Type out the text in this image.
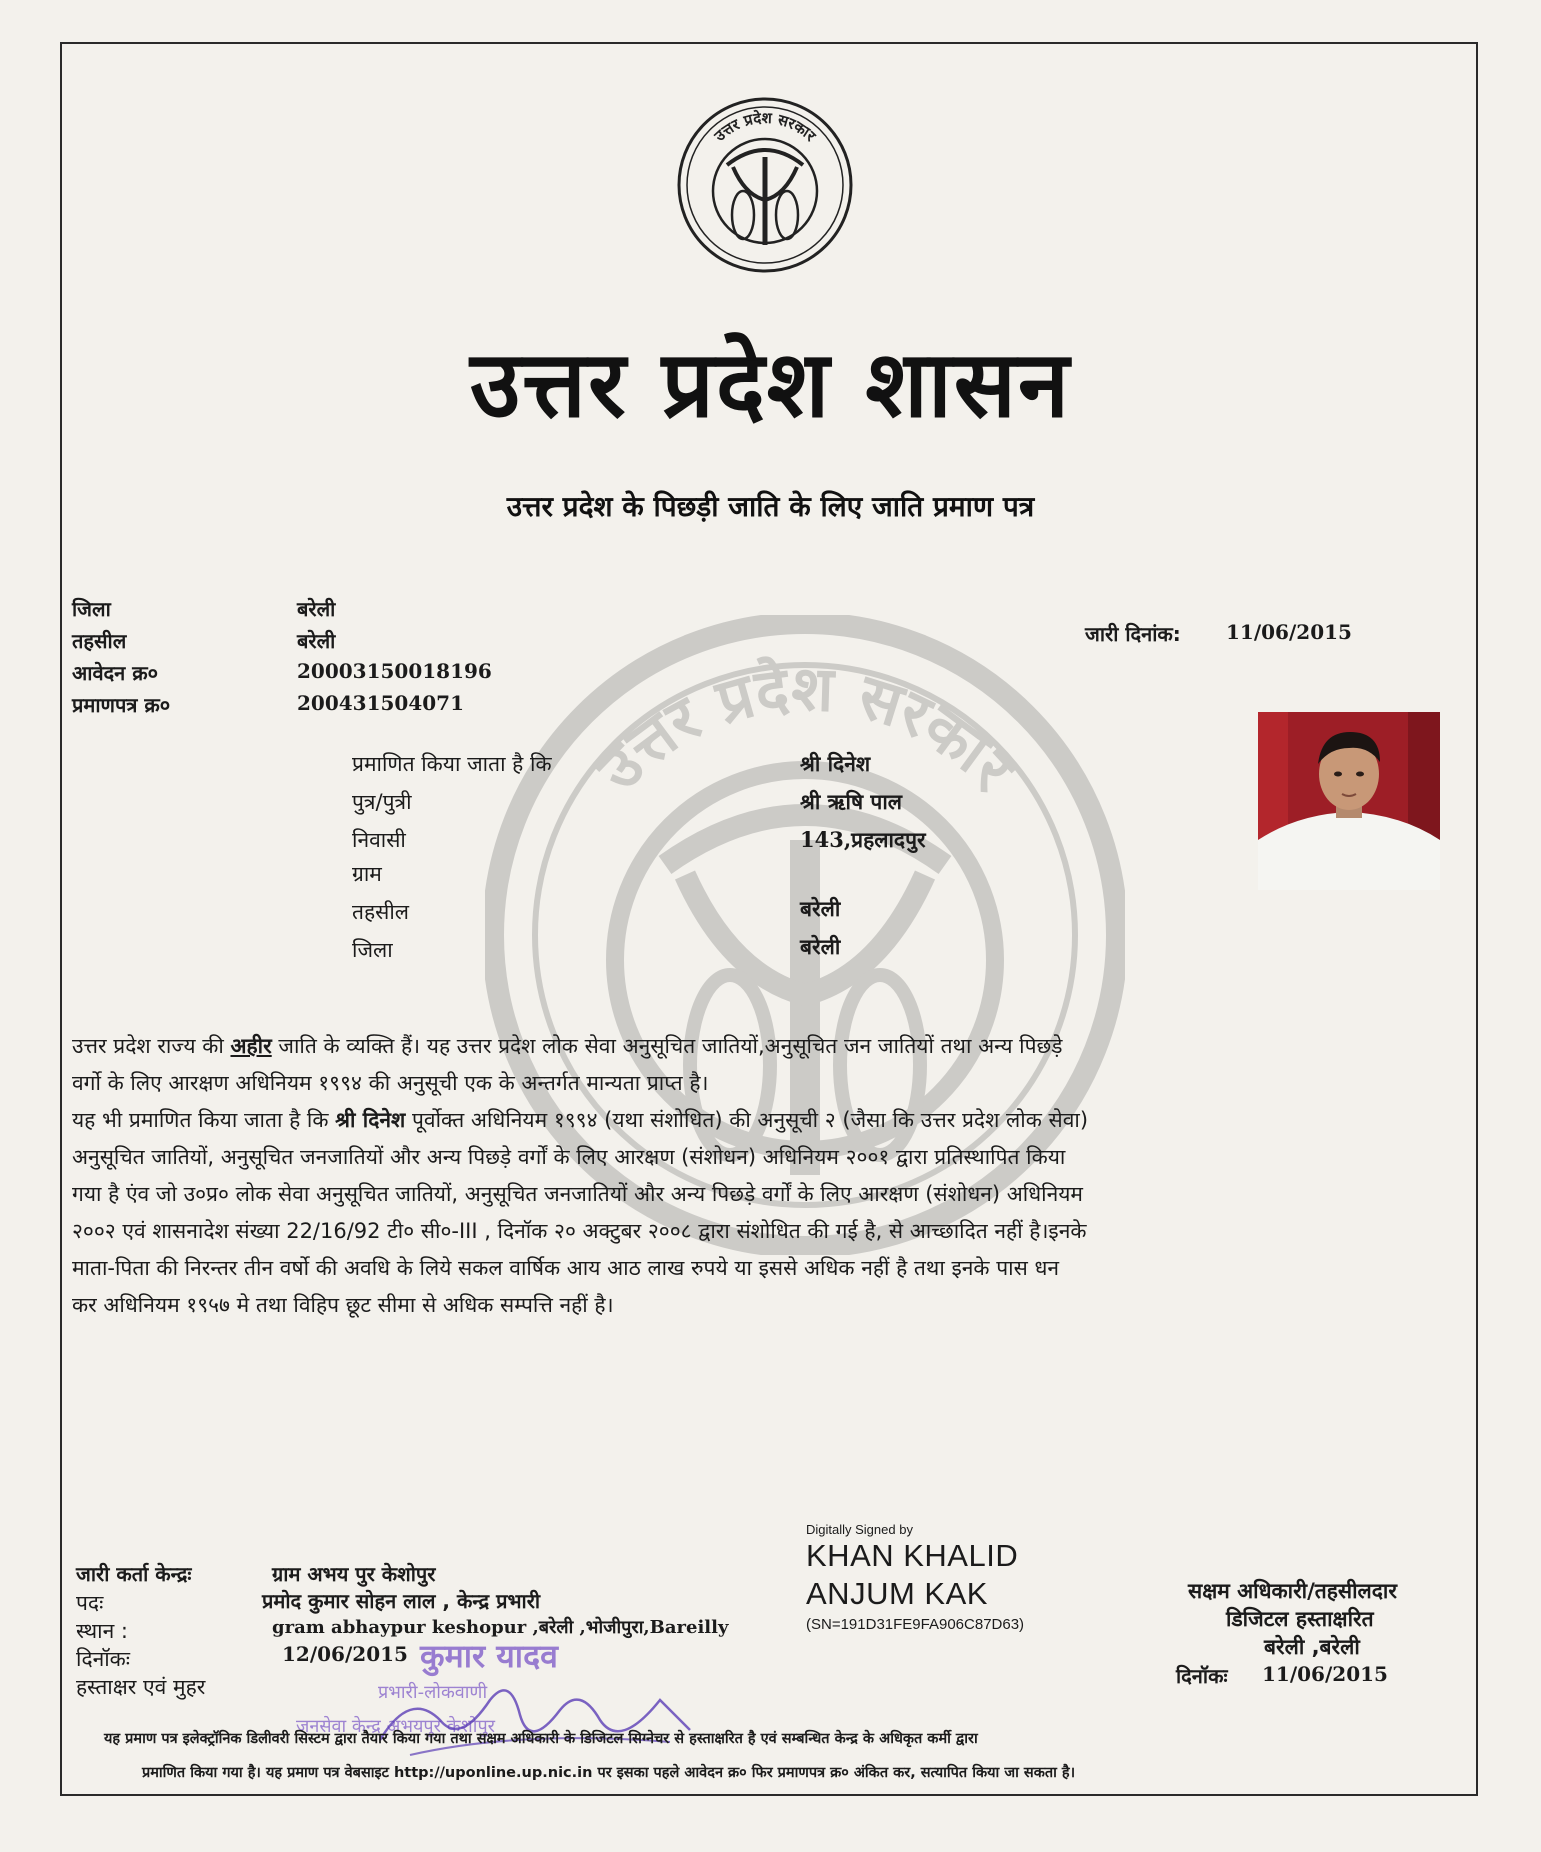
उत्तर प्रदेश सरकार
उत्तर प्रदेश सरकार
उत्तर प्रदेश शासन
उत्तर प्रदेश के पिछड़ी जाति के लिए जाति प्रमाण पत्र
जिला	बरेली
तहसील	बरेली
आवेदन क्र०	20003150018196
प्रमाणपत्र क्र०	200431504071
जारी दिनांक: 11/06/2015
प्रमाणित किया जाता है कि	श्री दिनेश
पुत्र/पुत्री	श्री ऋषि पाल
निवासी	143,प्रहलादपुर
ग्राम
तहसील	बरेली
जिला	बरेली

उत्तर प्रदेश राज्य की अहीर जाति के व्यक्ति हैं। यह उत्तर प्रदेश लोक सेवा अनुसूचित जातियों,अनुसूचित जन जातियों तथा अन्य पिछड़े

वर्गो के लिए आरक्षण अधिनियम १९९४ की अनुसूची एक के अन्तर्गत मान्यता प्राप्त है।

यह भी प्रमाणित किया जाता है कि श्री दिनेश पूर्वोक्त अधिनियम १९९४ (यथा संशोधित) की अनुसूची २ (जैसा कि उत्तर प्रदेश लोक सेवा)

अनुसूचित जातियों, अनुसूचित जनजातियों और अन्य पिछड़े वर्गों के लिए आरक्षण (संशोधन) अधिनियम २००१ द्वारा प्रतिस्थापित किया

गया है एंव जो उ०प्र० लोक सेवा अनुसूचित जातियों, अनुसूचित जनजातियों और अन्य पिछड़े वर्गों के लिए आरक्षण (संशोधन) अधिनियम

२००२ एवं शासनादेश संख्या 22/16/92 टी० सी०-III , दिनॉक २० अक्टुबर २००८ द्वारा संशोधित की गई है, से आच्छादित नहीं है।इनके

माता-पिता की निरन्तर तीन वर्षो की अवधि के लिये सकल वार्षिक आय आठ लाख रुपये या इससे अधिक नहीं है तथा इनके पास धन

कर अधिनियम १९५७ मे तथा विहिप छूट सीमा से अधिक सम्पत्ति नहीं है।

Digitally Signed by
KHAN KHALID
ANJUM KAK
(SN=191D31FE9FA906C87D63)
जारी कर्ता केन्द्रः	ग्राम अभय पुर केशोपुर
पदः	प्रमोद कुमार सोहन लाल , केन्द्र प्रभारी
स्थान :	gram abhaypur keshopur ,बरेली ,भोजीपुरा,Bareilly
दिनॉकः	12/06/2015
हस्ताक्षर एवं मुहर
कुमार यादव
प्रभारी-लोकवाणी
जनसेवा केन्द्र अभयपुर केशोपुर
सक्षम अधिकारी/तहसीलदार
डिजिटल हस्ताक्षरित
बरेली ,बरेली
दिनॉकः 11/06/2015
यह प्रमाण पत्र इलेक्ट्रॉनिक डिलीवरी सिस्टम द्वारा तैयार किया गया तथा सक्षम अधिकारी के डिजिटल सिग्नेचर से हस्ताक्षरित है एवं सम्बन्धित केन्द्र के अधिकृत कर्मी द्वारा
प्रमाणित किया गया है। यह प्रमाण पत्र वेबसाइट http://uponline.up.nic.in पर इसका पहले आवेदन क्र० फिर प्रमाणपत्र क्र० अंकित कर, सत्यापित किया जा सकता है।
